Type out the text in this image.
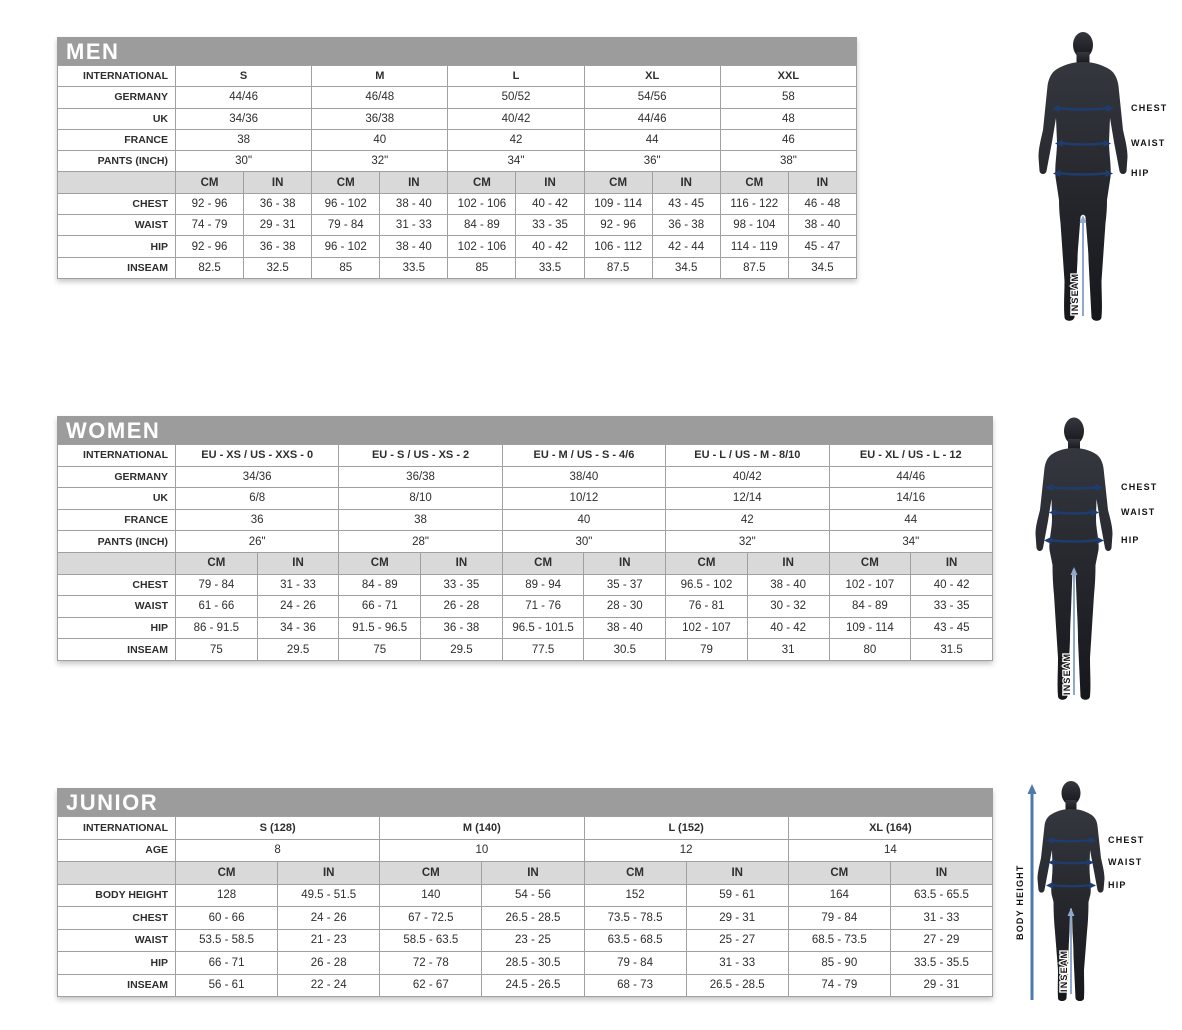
MEN
INTERNATIONAL	S		M		L		XL		XXL	
GERMANY	44/46		46/48		50/52		54/56		58	
UK	34/36		36/38		40/42		44/46		48	
FRANCE	38		40		42		44		46	
PANTS (INCH)	30"		32"		34"		36"		38"	
	CM	IN	CM	IN	CM	IN	CM	IN	CM	IN
CHEST	92 - 96	36 - 38	96 - 102	38 - 40	102 - 106	40 - 42	109 - 114	43 - 45	116 - 122	46 - 48
WAIST	74 - 79	29 - 31	79 - 84	31 - 33	84 - 89	33 - 35	92 - 96	36 - 38	98 - 104	38 - 40
HIP	92 - 96	36 - 38	96 - 102	38 - 40	102 - 106	40 - 42	106 - 112	42 - 44	114 - 119	45 - 47
INSEAM	82.5	32.5	85	33.5	85	33.5	87.5	34.5	87.5	34.5
CHEST
WAIST
HIP
INSEAM
WOMEN
INTERNATIONAL	EU - XS / US - XXS - 0		EU - S / US - XS - 2		EU - M / US - S - 4/6		EU - L / US - M - 8/10		EU - XL / US - L - 12	
GERMANY	34/36		36/38		38/40		40/42		44/46	
UK	6/8		8/10		10/12		12/14		14/16	
FRANCE	36		38		40		42		44	
PANTS (INCH)	26"		28"		30"		32"		34"	
	CM	IN	CM	IN	CM	IN	CM	IN	CM	IN
CHEST	79 - 84	31 - 33	84 - 89	33 - 35	89 - 94	35 - 37	96.5 - 102	38 - 40	102 - 107	40 - 42
WAIST	61 - 66	24 - 26	66 - 71	26 - 28	71 - 76	28 - 30	76 - 81	30 - 32	84 - 89	33 - 35
HIP	86 - 91.5	34 - 36	91.5 - 96.5	36 - 38	96.5 - 101.5	38 - 40	102 - 107	40 - 42	109 - 114	43 - 45
INSEAM	75	29.5	75	29.5	77.5	30.5	79	31	80	31.5
CHEST
WAIST
HIP
INSEAM
JUNIOR
INTERNATIONAL	S (128)		M (140)		L (152)		XL (164)	
AGE	8		10		12		14	
	CM	IN	CM	IN	CM	IN	CM	IN
BODY HEIGHT	128	49.5 - 51.5	140	54 - 56	152	59 - 61	164	63.5 - 65.5
CHEST	60 - 66	24 - 26	67 - 72.5	26.5 - 28.5	73.5 - 78.5	29 - 31	79 - 84	31 - 33
WAIST	53.5 - 58.5	21 - 23	58.5 - 63.5	23 - 25	63.5 - 68.5	25 - 27	68.5 - 73.5	27 - 29
HIP	66 - 71	26 - 28	72 - 78	28.5 - 30.5	79 - 84	31 - 33	85 - 90	33.5 - 35.5
INSEAM	56 - 61	22 - 24	62 - 67	24.5 - 26.5	68 - 73	26.5 - 28.5	74 - 79	29 - 31
CHEST
WAIST
HIP
INSEAM
BODY HEIGHT
